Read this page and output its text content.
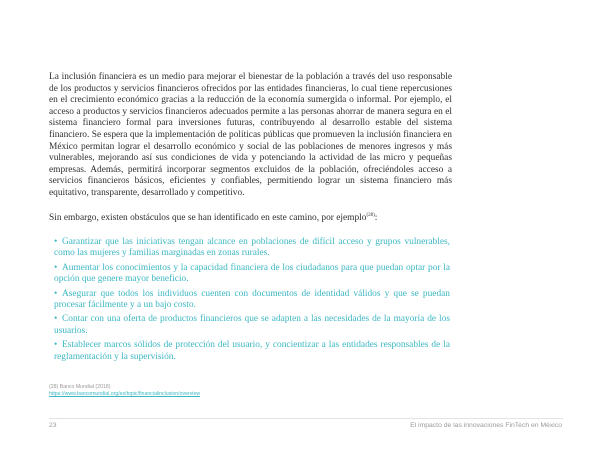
La inclusión financiera es un medio para mejorar el bienestar de la población a través del uso responsable de los productos y servicios financieros ofrecidos por las entidades financieras, lo cual tiene repercusiones en el crecimiento económico gracias a la reducción de la economía sumergida o informal. Por ejemplo, el acceso a productos y servicios financieros adecuados permite a las personas ahorrar de manera segura en el sistema financiero formal para inversiones futuras, contribuyendo al desarrollo estable del sistema financiero. Se espera que la implementación de políticas públicas que promueven la inclusión financiera en México permitan lograr el desarrollo económico y social de las poblaciones de menores ingresos y más vulnerables, mejorando así sus condiciones de vida y potenciando la actividad de las micro y pequeñas empresas. Además, permitirá incorporar segmentos excluidos de la población, ofreciéndoles acceso a servicios financieros básicos, eficientes y confiables, permitiendo lograr un sistema financiero más equitativo, transparente, desarrollado y competitivo.

Sin embargo, existen obstáculos que se han identificado en este camino, por ejemplo$^{(28)}$:

• Garantizar que las iniciativas tengan alcance en poblaciones de difícil acceso y grupos vulnerables, como las mujeres y familias marginadas en zonas rurales.
• Aumentar los conocimientos y la capacidad financiera de los ciudadanos para que puedan optar por la opción que genere mayor beneficio.
• Asegurar que todos los individuos cuenten con documentos de identidad válidos y que se puedan procesar fácilmente y a un bajo costo.
• Contar con una oferta de productos financieros que se adapten a las necesidades de la mayoría de los usuarios.
• Establecer marcos sólidos de protección del usuario, y concientizar a las entidades responsables de la reglamentación y la supervisión.
(28) Banco Mundial (2018)
https://www.bancomundial.org/es/topic/financialinclusion/overview
23	El impacto de las innovaciones FinTech en México
